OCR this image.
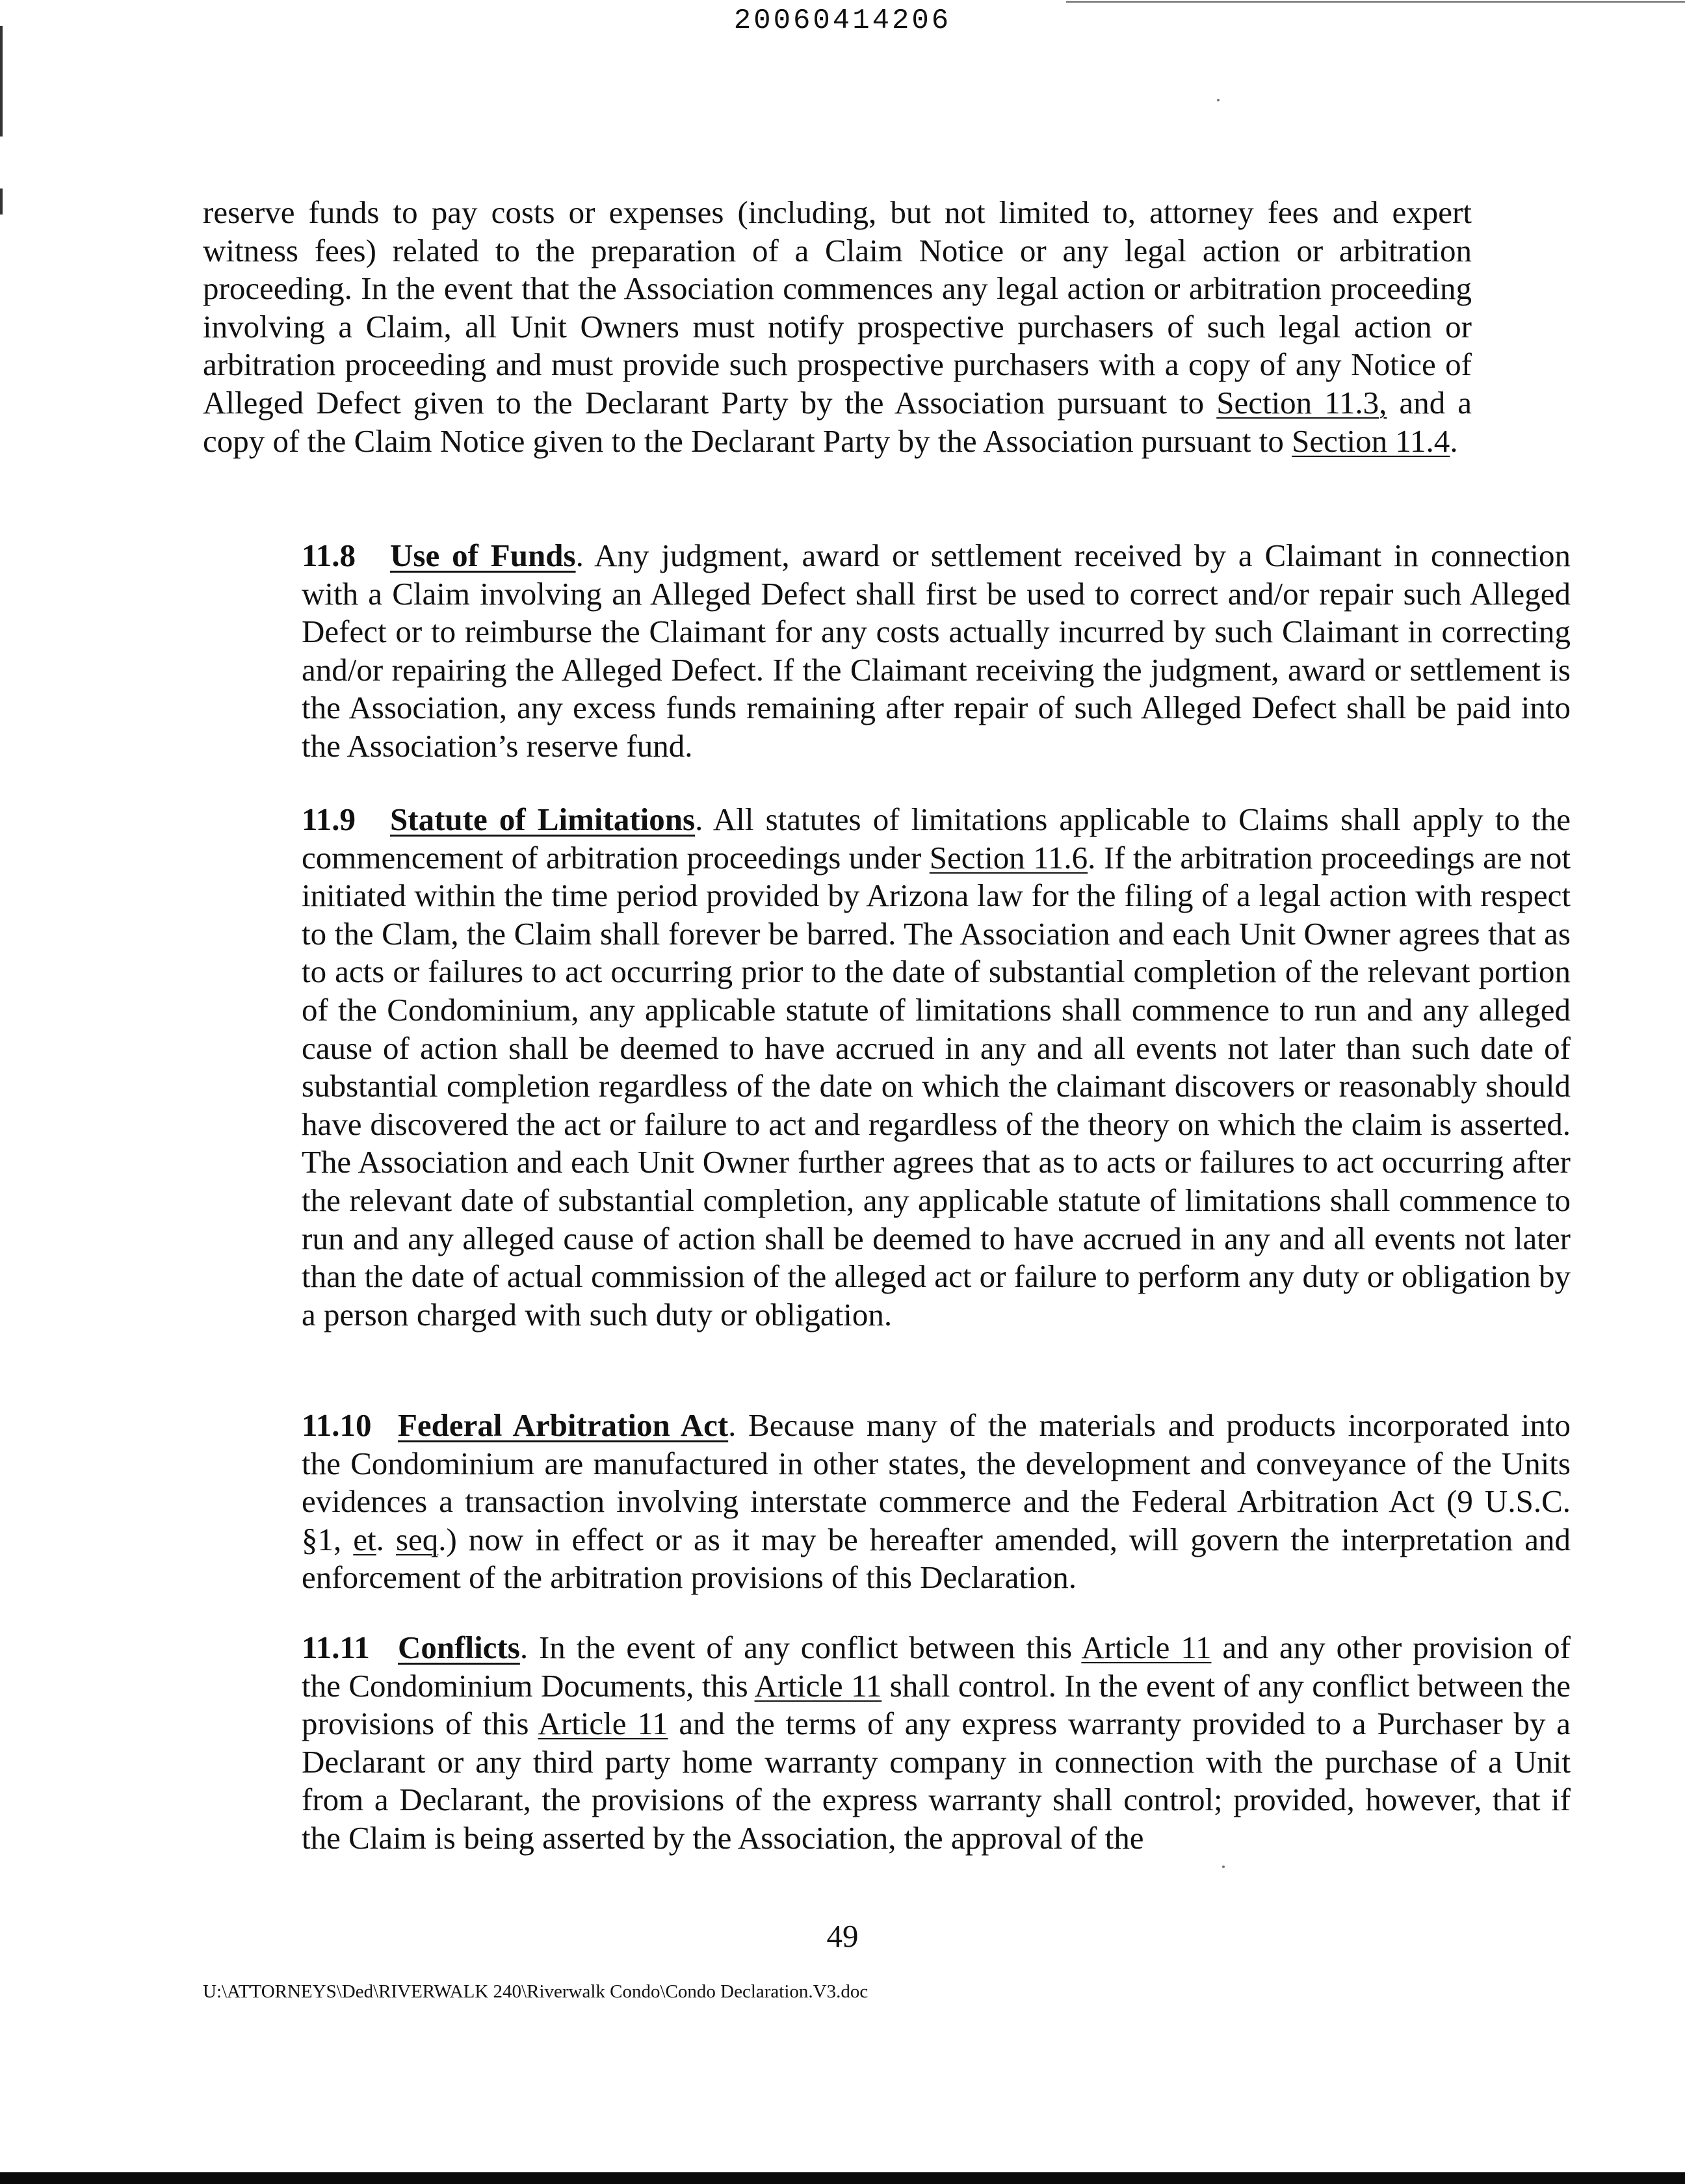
20060414206

reserve funds to pay costs or expenses (including, but not limited to, attorney fees and expert witness fees) related to the preparation of a Claim Notice or any legal action or arbitration proceeding. In the event that the Association commences any legal action or arbitration proceeding involving a Claim, all Unit Owners must notify prospective purchasers of such legal action or arbitration proceeding and must provide such prospective purchasers with a copy of any Notice of Alleged Defect given to the Declarant Party by the Association pursuant to Section 11.3, and a copy of the Claim Notice given to the Declarant Party by the Association pursuant to Section 11.4.

11.8 Use of Funds. Any judgment, award or settlement received by a Claimant in connection with a Claim involving an Alleged Defect shall first be used to correct and/or repair such Alleged Defect or to reimburse the Claimant for any costs actually incurred by such Claimant in correcting and/or repairing the Alleged Defect. If the Claimant receiving the judgment, award or settlement is the Association, any excess funds remaining after repair of such Alleged Defect shall be paid into the Association’s reserve fund.

11.9 Statute of Limitations. All statutes of limitations applicable to Claims shall apply to the commencement of arbitration proceedings under Section 11.6. If the arbitration proceedings are not initiated within the time period provided by Arizona law for the filing of a legal action with respect to the Clam, the Claim shall forever be barred. The Association and each Unit Owner agrees that as to acts or failures to act occurring prior to the date of substantial completion of the relevant portion of the Condominium, any applicable statute of limitations shall commence to run and any alleged cause of action shall be deemed to have accrued in any and all events not later than such date of substantial completion regardless of the date on which the claimant discovers or reasonably should have discovered the act or failure to act and regardless of the theory on which the claim is asserted. The Association and each Unit Owner further agrees that as to acts or failures to act occurring after the relevant date of substantial completion, any applicable statute of limitations shall commence to run and any alleged cause of action shall be deemed to have accrued in any and all events not later than the date of actual commission of the alleged act or failure to perform any duty or obligation by a person charged with such duty or obligation.

11.10 Federal Arbitration Act. Because many of the materials and products incorporated into the Condominium are manufactured in other states, the development and conveyance of the Units evidences a transaction involving interstate commerce and the Federal Arbitration Act (9 U.S.C. §1, et. seq.) now in effect or as it may be hereafter amended, will govern the interpretation and enforcement of the arbitration provisions of this Declaration.

11.11 Conflicts. In the event of any conflict between this Article 11 and any other provision of the Condominium Documents, this Article 11 shall control. In the event of any conflict between the provisions of this Article 11 and the terms of any express warranty provided to a Purchaser by a Declarant or any third party home warranty company in connection with the purchase of a Unit from a Declarant, the provisions of the express warranty shall control; provided, however, that if the Claim is being asserted by the Association, the approval of the

49

U:\ATTORNEYS\Ded\RIVERWALK 240\Riverwalk Condo\Condo Declaration.V3.doc
